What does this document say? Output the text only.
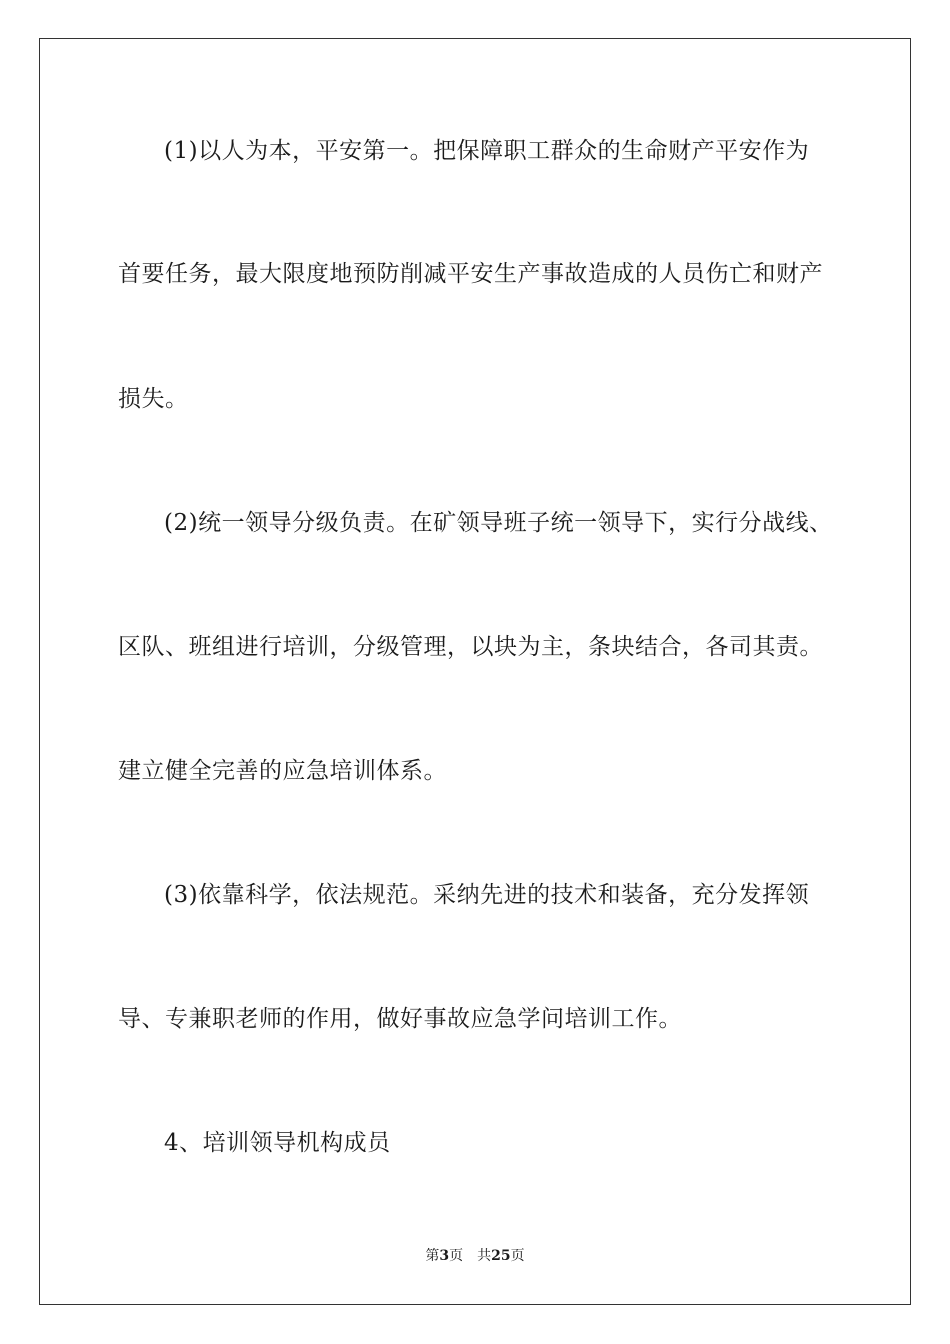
(1)以人为本，平安第一。把保障职工群众的生命财产平安作为
首要任务，最大限度地预防削减平安生产事故造成的人员伤亡和财产
损失。
(2)统一领导分级负责。在矿领导班子统一领导下，实行分战线、
区队、班组进行培训，分级管理，以块为主，条块结合，各司其责。
建立健全完善的应急培训体系。
(3)依靠科学，依法规范。采纳先进的技术和装备，充分发挥领
导、专兼职老师的作用，做好事故应急学问培训工作。
4、培训领导机构成员
第3页 共25页
